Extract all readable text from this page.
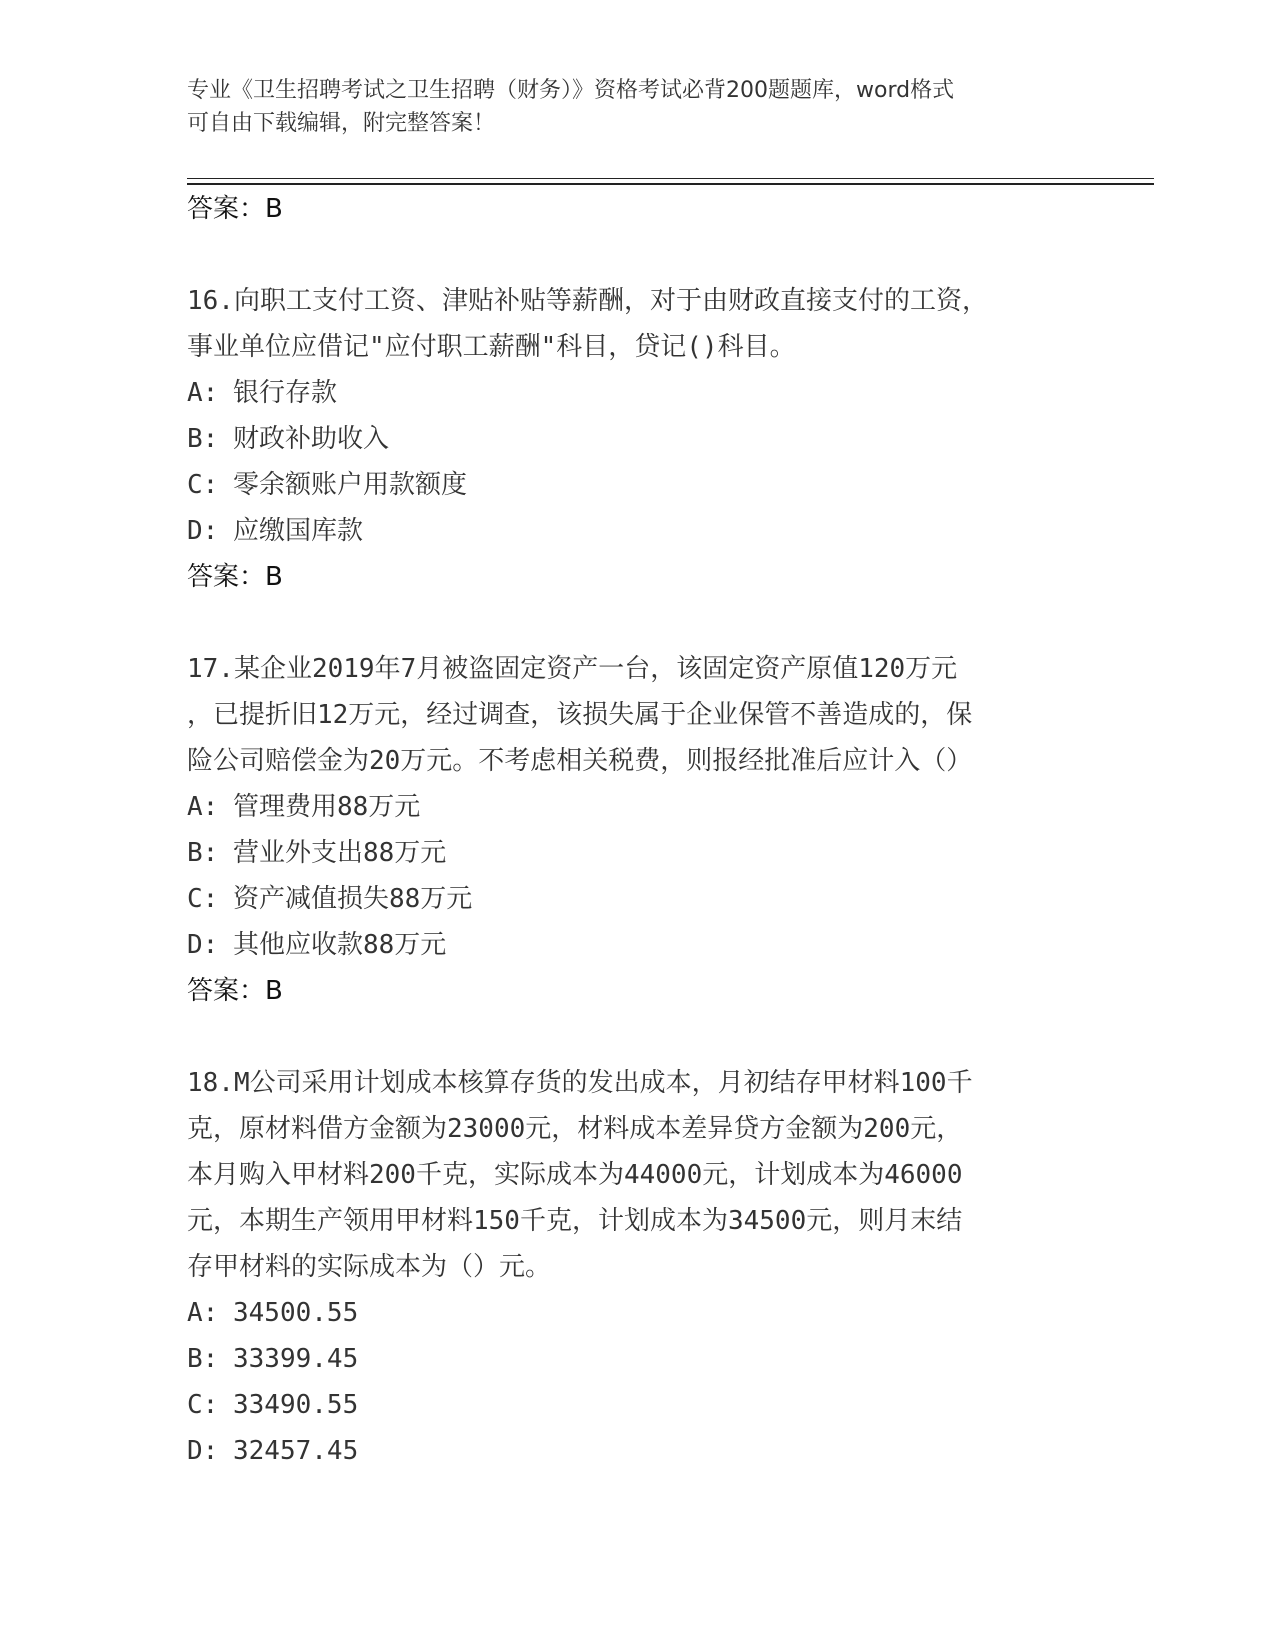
专业《卫生招聘考试之卫生招聘（财务）》资格考试必背200题题库，word格式
可自由下载编辑，附完整答案！
答案：B
16.向职工支付工资、津贴补贴等薪酬，对于由财政直接支付的工资，
事业单位应借记"应付职工薪酬"科目，贷记()科目。
A: 银行存款
B: 财政补助收入
C: 零余额账户用款额度
D: 应缴国库款
答案：B
17.某企业2019年7月被盗固定资产一台，该固定资产原值120万元
，已提折旧12万元，经过调查，该损失属于企业保管不善造成的，保
险公司赔偿金为20万元。不考虑相关税费，则报经批准后应计入（）
A: 管理费用88万元
B: 营业外支出88万元
C: 资产减值损失88万元
D: 其他应收款88万元
答案：B
18.M公司采用计划成本核算存货的发出成本，月初结存甲材料100千
克，原材料借方金额为23000元，材料成本差异贷方金额为200元，
本月购入甲材料200千克，实际成本为44000元，计划成本为46000
元，本期生产领用甲材料150千克，计划成本为34500元，则月末结
存甲材料的实际成本为（）元。
A: 34500.55
B: 33399.45
C: 33490.55
D: 32457.45
